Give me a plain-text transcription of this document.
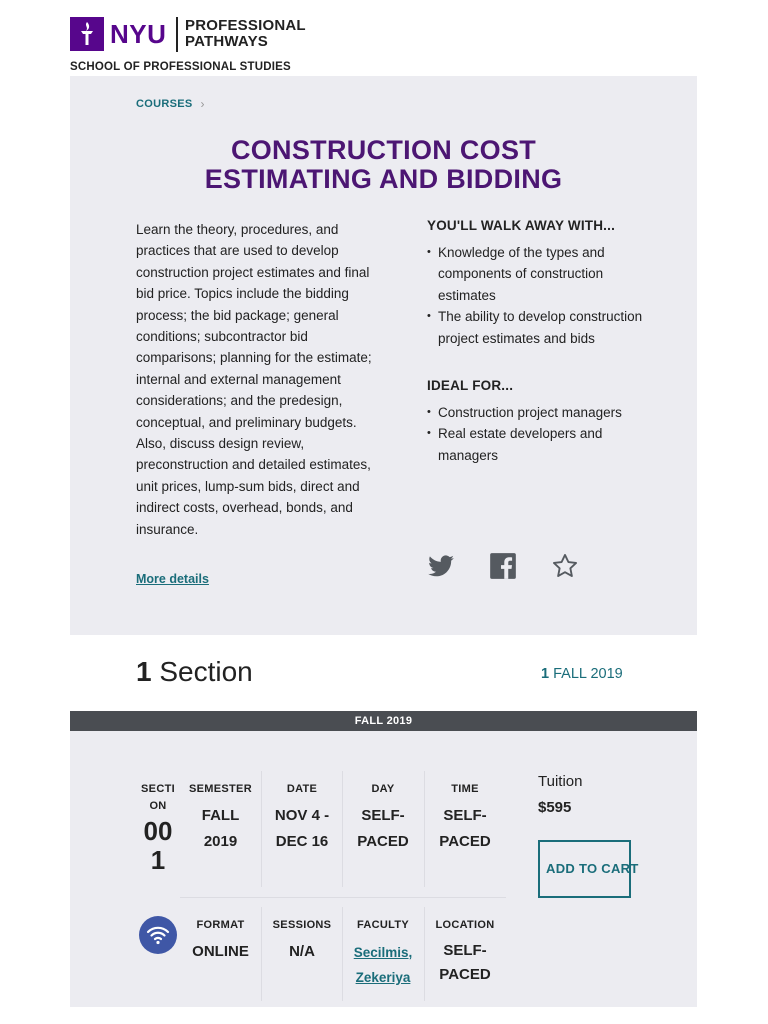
NYU PROFESSIONAL
PATHWAYS
SCHOOL OF PROFESSIONAL STUDIES
COURSES ›
CONSTRUCTION COST
ESTIMATING AND BIDDING

Learn the theory, procedures, and practices that are used to develop construction project estimates and final bid price. Topics include the bidding process; the bid package; general conditions; subcontractor bid comparisons; planning for the estimate; internal and external management considerations; and the predesign, conceptual, and preliminary budgets. Also, discuss design review, preconstruction and detailed estimates, unit prices, lump-sum bids, direct and indirect costs, overhead, bonds, and insurance.

More details
YOU'LL WALK AWAY WITH...
• Knowledge of the types and components of construction estimates
• The ability to develop construction project estimates and bids
IDEAL FOR...
• Construction project managers
• Real estate developers and managers
1 Section	1 FALL 2019
FALL 2019
SECTION
001
SEMESTER
FALL 2019
DATE
NOV 4 - DEC 16
DAY
SELF-PACED
TIME
SELF-PACED
FORMAT
ONLINE
SESSIONS
N/A
FACULTY
Secilmis,
Zekeriya
LOCATION
SELF-PACED
Tuition
$595
ADD TO CART
